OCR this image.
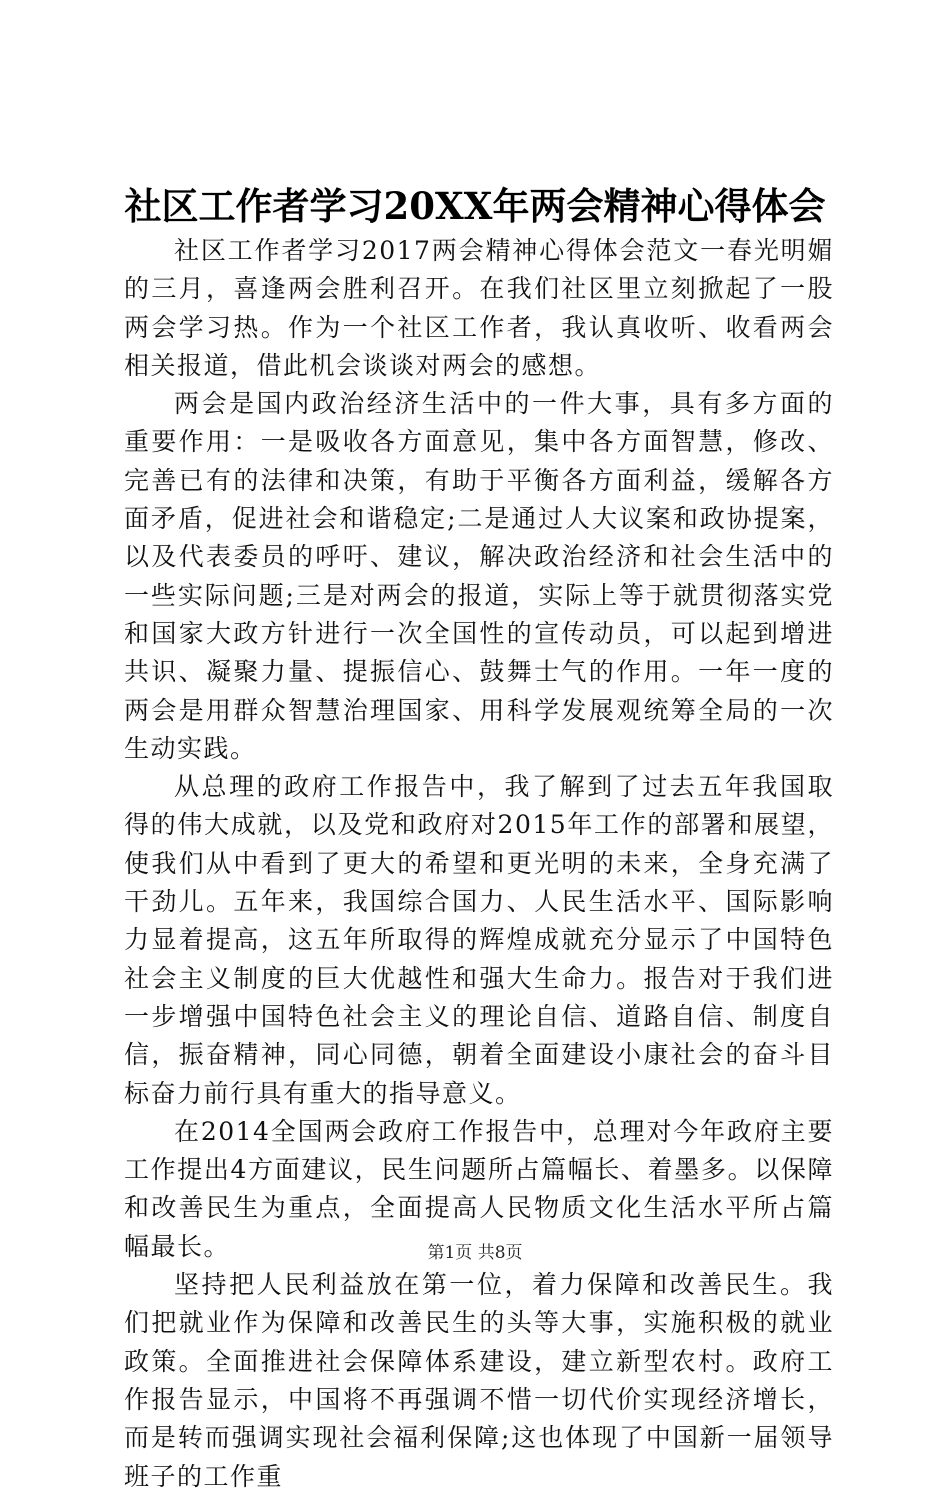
社区工作者学习20XX年两会精神心得体会

社区工作者学习2017两会精神心得体会范文一春光明媚的三月，喜逢两会胜利召开。在我们社区里立刻掀起了一股两会学习热。作为一个社区工作者，我认真收听、收看两会相关报道，借此机会谈谈对两会的感想。

两会是国内政治经济生活中的一件大事，具有多方面的重要作用：一是吸收各方面意见，集中各方面智慧，修改、完善已有的法律和决策，有助于平衡各方面利益，缓解各方面矛盾，促进社会和谐稳定;二是通过人大议案和政协提案，以及代表委员的呼吁、建议，解决政治经济和社会生活中的一些实际问题;三是对两会的报道，实际上等于就贯彻落实党和国家大政方针进行一次全国性的宣传动员，可以起到增进共识、凝聚力量、提振信心、鼓舞士气的作用。一年一度的两会是用群众智慧治理国家、用科学发展观统筹全局的一次生动实践。

从总理的政府工作报告中，我了解到了过去五年我国取得的伟大成就，以及党和政府对2015年工作的部署和展望，使我们从中看到了更大的希望和更光明的未来，全身充满了干劲儿。五年来，我国综合国力、人民生活水平、国际影响力显着提高，这五年所取得的辉煌成就充分显示了中国特色社会主义制度的巨大优越性和强大生命力。报告对于我们进一步增强中国特色社会主义的理论自信、道路自信、制度自信，振奋精神，同心同德，朝着全面建设小康社会的奋斗目标奋力前行具有重大的指导意义。

在2014全国两会政府工作报告中，总理对今年政府主要工作提出4方面建议，民生问题所占篇幅长、着墨多。以保障和改善民生为重点，全面提高人民物质文化生活水平所占篇幅最长。

坚持把人民利益放在第一位，着力保障和改善民生。我们把就业作为保障和改善民生的头等大事，实施积极的就业政策。全面推进社会保障体系建设，建立新型农村。政府工作报告显示，中国将不再强调不惜一切代价实现经济增长，而是转而强调实现社会福利保障;这也体现了中国新一届领导班子的工作重

第1页 共8页
